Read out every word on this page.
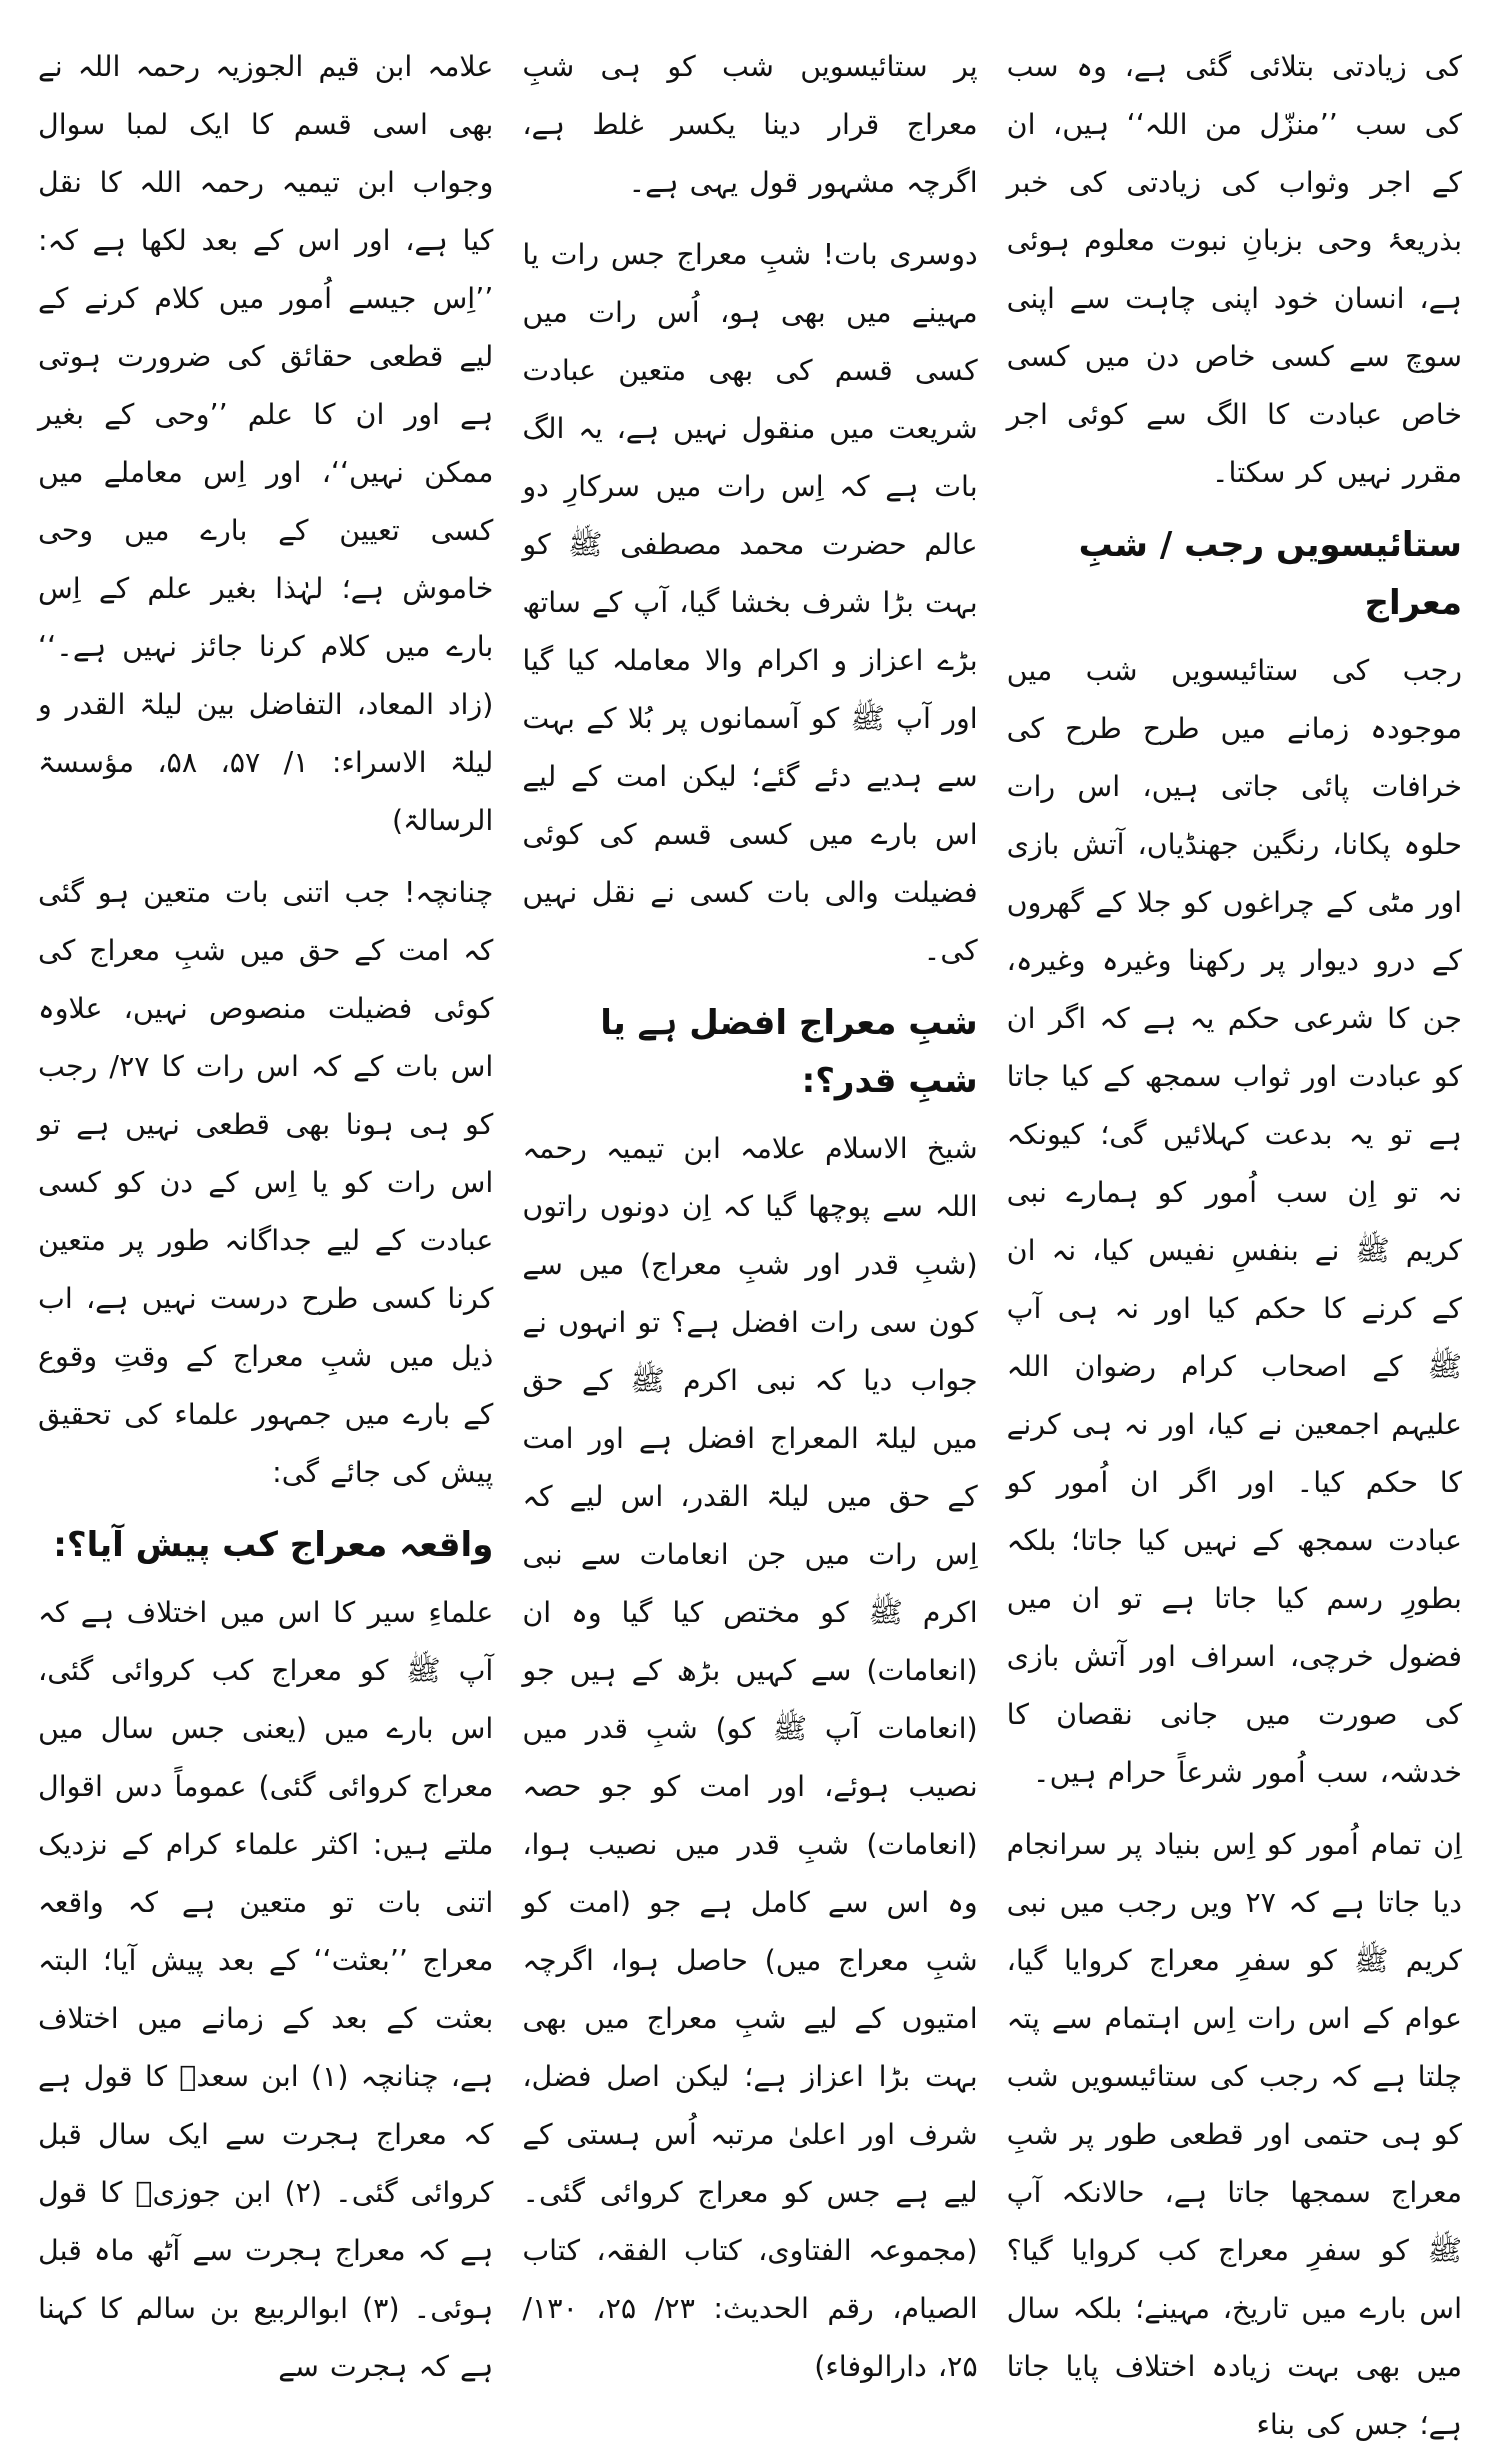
کی زیادتی بتلائی گئی ہے، وہ سب کی سب ’’منزّل من اللہ‘‘ ہیں، ان کے اجر وثواب کی زیادتی کی خبر بذریعۂ وحی بزبانِ نبوت معلوم ہوئی ہے، انسان خود اپنی چاہت سے اپنی سوچ سے کسی خاص دن میں کسی خاص عبادت کا الگ سے کوئی اجر مقرر نہیں کر سکتا۔

ستائیسویں رجب / شبِ معراج

رجب کی ستائیسویں شب میں موجودہ زمانے میں طرح طرح کی خرافات پائی جاتی ہیں، اس رات حلوہ پکانا، رنگین جھنڈیاں، آتش بازی اور مٹی کے چراغوں کو جلا کے گھروں کے درو دیوار پر رکھنا وغیرہ وغیرہ، جن کا شرعی حکم یہ ہے کہ اگر ان کو عبادت اور ثواب سمجھ کے کیا جاتا ہے تو یہ بدعت کہلائیں گی؛ کیونکہ نہ تو اِن سب اُمور کو ہمارے نبی کریم ﷺ نے بنفسِ نفیس کیا، نہ ان کے کرنے کا حکم کیا اور نہ ہی آپ ﷺ کے اصحاب کرام رضوان اللہ علیہم اجمعین نے کیا، اور نہ ہی کرنے کا حکم کیا۔ اور اگر ان اُمور کو عبادت سمجھ کے نہیں کیا جاتا؛ بلکہ بطورِ رسم کیا جاتا ہے تو ان میں فضول خرچی، اسراف اور آتش بازی کی صورت میں جانی نقصان کا خدشہ، سب اُمور شرعاً حرام ہیں۔

اِن تمام اُمور کو اِس بنیاد پر سرانجام دیا جاتا ہے کہ ۲۷ ویں رجب میں نبی کریم ﷺ کو سفرِ معراج کروایا گیا، عوام کے اس رات اِس اہتمام سے پتہ چلتا ہے کہ رجب کی ستائیسویں شب کو ہی حتمی اور قطعی طور پر شبِ معراج سمجھا جاتا ہے، حالانکہ آپ ﷺ کو سفرِ معراج کب کروایا گیا؟ اس بارے میں تاریخ، مہینے؛ بلکہ سال میں بھی بہت زیادہ اختلاف پایا جاتا ہے؛ جس کی بناء

پر ستائیسویں شب کو ہی شبِ معراج قرار دینا یکسر غلط ہے، اگرچہ مشہور قول یہی ہے۔

دوسری بات! شبِ معراج جس رات یا مہینے میں بھی ہو، اُس رات میں کسی قسم کی بھی متعین عبادت شریعت میں منقول نہیں ہے، یہ الگ بات ہے کہ اِس رات میں سرکارِ دو عالم حضرت محمد مصطفی ﷺ کو بہت بڑا شرف بخشا گیا، آپ کے ساتھ بڑے اعزاز و اکرام والا معاملہ کیا گیا اور آپ ﷺ کو آسمانوں پر بُلا کے بہت سے ہدیے دئے گئے؛ لیکن امت کے لیے اس بارے میں کسی قسم کی کوئی فضیلت والی بات کسی نے نقل نہیں کی۔

شبِ معراج افضل ہے یا شبِ قدر؟:

شیخ الاسلام علامہ ابن تیمیہ رحمہ اللہ سے پوچھا گیا کہ اِن دونوں راتوں (شبِ قدر اور شبِ معراج) میں سے کون سی رات افضل ہے؟ تو انہوں نے جواب دیا کہ نبی اکرم ﷺ کے حق میں لیلۃ المعراج افضل ہے اور امت کے حق میں لیلۃ القدر، اس لیے کہ اِس رات میں جن انعامات سے نبی اکرم ﷺ کو مختص کیا گیا وہ ان (انعامات) سے کہیں بڑھ کے ہیں جو (انعامات آپ ﷺ کو) شبِ قدر میں نصیب ہوئے، اور امت کو جو حصہ (انعامات) شبِ قدر میں نصیب ہوا، وہ اس سے کامل ہے جو (امت کو شبِ معراج میں) حاصل ہوا، اگرچہ امتیوں کے لیے شبِ معراج میں بھی بہت بڑا اعزاز ہے؛ لیکن اصل فضل، شرف اور اعلیٰ مرتبہ اُس ہستی کے لیے ہے جس کو معراج کروائی گئی۔ (مجموعہ الفتاوی، کتاب الفقہ، کتاب الصیام، رقم الحدیث: ۲۳/ ۲۵، ۱۳۰/ ۲۵، دارالوفاء)

علامہ ابن قیم الجوزیہ رحمہ اللہ نے بھی اسی قسم کا ایک لمبا سوال وجواب ابن تیمیہ رحمہ اللہ کا نقل کیا ہے، اور اس کے بعد لکھا ہے کہ: ’’اِس جیسے اُمور میں کلام کرنے کے لیے قطعی حقائق کی ضرورت ہوتی ہے اور ان کا علم ’’وحی کے بغیر ممکن نہیں‘‘، اور اِس معاملے میں کسی تعیین کے بارے میں وحی خاموش ہے؛ لہٰذا بغیر علم کے اِس بارے میں کلام کرنا جائز نہیں ہے۔‘‘ (زاد المعاد، التفاضل بین لیلۃ القدر و لیلۃ الاسراء: ۱/ ۵۷، ۵۸، مؤسسۃ الرسالۃ)

چنانچہ! جب اتنی بات متعین ہو گئی کہ امت کے حق میں شبِ معراج کی کوئی فضیلت منصوص نہیں، علاوہ اس بات کے کہ اس رات کا ۲۷/ رجب کو ہی ہونا بھی قطعی نہیں ہے تو اس رات کو یا اِس کے دن کو کسی عبادت کے لیے جداگانہ طور پر متعین کرنا کسی طرح درست نہیں ہے، اب ذیل میں شبِ معراج کے وقتِ وقوع کے بارے میں جمہور علماء کی تحقیق پیش کی جائے گی:

واقعہ معراج کب پیش آیا؟:

علماءِ سیر کا اس میں اختلاف ہے کہ آپ ﷺ کو معراج کب کروائی گئی، اس بارے میں (یعنی جس سال میں معراج کروائی گئی) عموماً دس اقوال ملتے ہیں: اکثر علماء کرام کے نزدیک اتنی بات تو متعین ہے کہ واقعہ معراج ’’بعثت‘‘ کے بعد پیش آیا؛ البتہ بعثت کے بعد کے زمانے میں اختلاف ہے، چنانچہ (۱) ابن سعدؒ کا قول ہے کہ معراج ہجرت سے ایک سال قبل کروائی گئی۔ (۲) ابن جوزیؒ کا قول ہے کہ معراج ہجرت سے آٹھ ماہ قبل ہوئی۔ (۳) ابوالربیع بن سالم کا کہنا ہے کہ ہجرت سے
